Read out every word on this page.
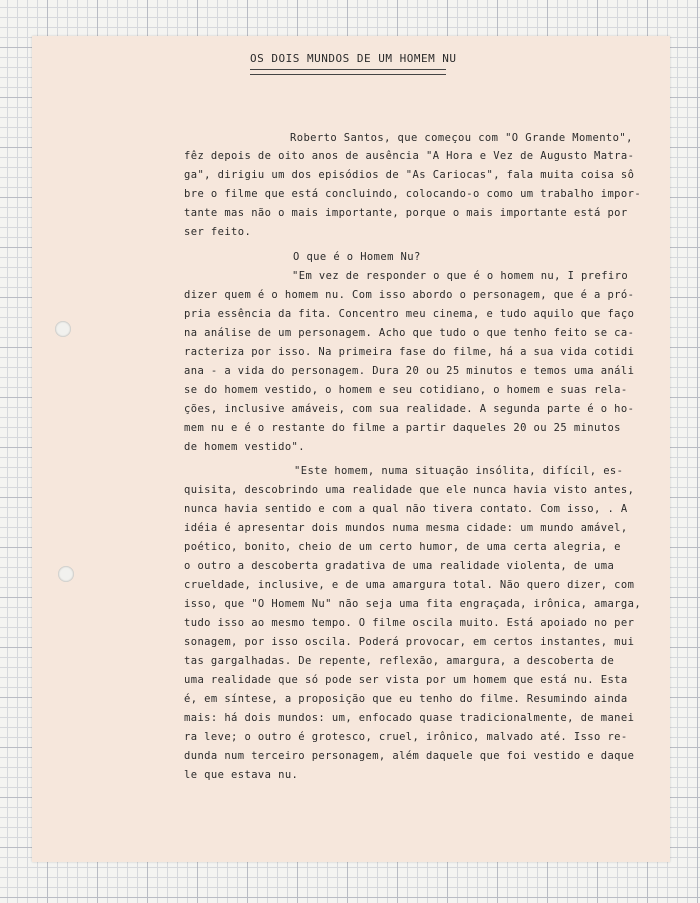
OS DOIS MUNDOS DE UM HOMEM NU
Roberto Santos, que começou com "O Grande Momento",
fêz depois de oito anos de ausência "A Hora e Vez de Augusto Matra-
ga", dirigiu um dos episódios de "As Cariocas", fala muita coisa sô
bre o filme que está concluindo, colocando-o como um trabalho impor-
tante mas não o mais importante, porque o mais importante está por
ser feito.
O que é o Homem Nu?
"Em vez de responder o que é o homem nu, I prefiro
dizer quem é o homem nu. Com isso abordo o personagem, que é a pró-
pria essência da fita. Concentro meu cinema, e tudo aquilo que faço
na análise de um personagem. Acho que tudo o que tenho feito se ca-
racteriza por isso. Na primeira fase do filme, há a sua vida cotidi
ana - a vida do personagem. Dura 20 ou 25 minutos e temos uma análi
se do homem vestido, o homem e seu cotidiano, o homem e suas rela-
ções, inclusive amáveis, com sua realidade. A segunda parte é o ho-
mem nu e é o restante do filme a partir daqueles 20 ou 25 minutos
de homem vestido".
"Este homem, numa situação insólita, difícil, es-
quisita, descobrindo uma realidade que ele nunca havia visto antes,
nunca havia sentido e com a qual não tivera contato. Com isso, . A
idéia é apresentar dois mundos numa mesma cidade: um mundo amável,
poético, bonito, cheio de um certo humor, de uma certa alegria, e
o outro a descoberta gradativa de uma realidade violenta, de uma
crueldade, inclusive, e de uma amargura total. Não quero dizer, com
isso, que "O Homem Nu" não seja uma fita engraçada, irônica, amarga,
tudo isso ao mesmo tempo. O filme oscila muito. Está apoiado no per
sonagem, por isso oscila. Poderá provocar, em certos instantes, mui
tas gargalhadas. De repente, reflexão, amargura, a descoberta de
uma realidade que só pode ser vista por um homem que está nu. Esta
é, em síntese, a proposição que eu tenho do filme. Resumindo ainda
mais: há dois mundos: um, enfocado quase tradicionalmente, de manei
ra leve; o outro é grotesco, cruel, irônico, malvado até. Isso re-
dunda num terceiro personagem, além daquele que foi vestido e daque
le que estava nu.
